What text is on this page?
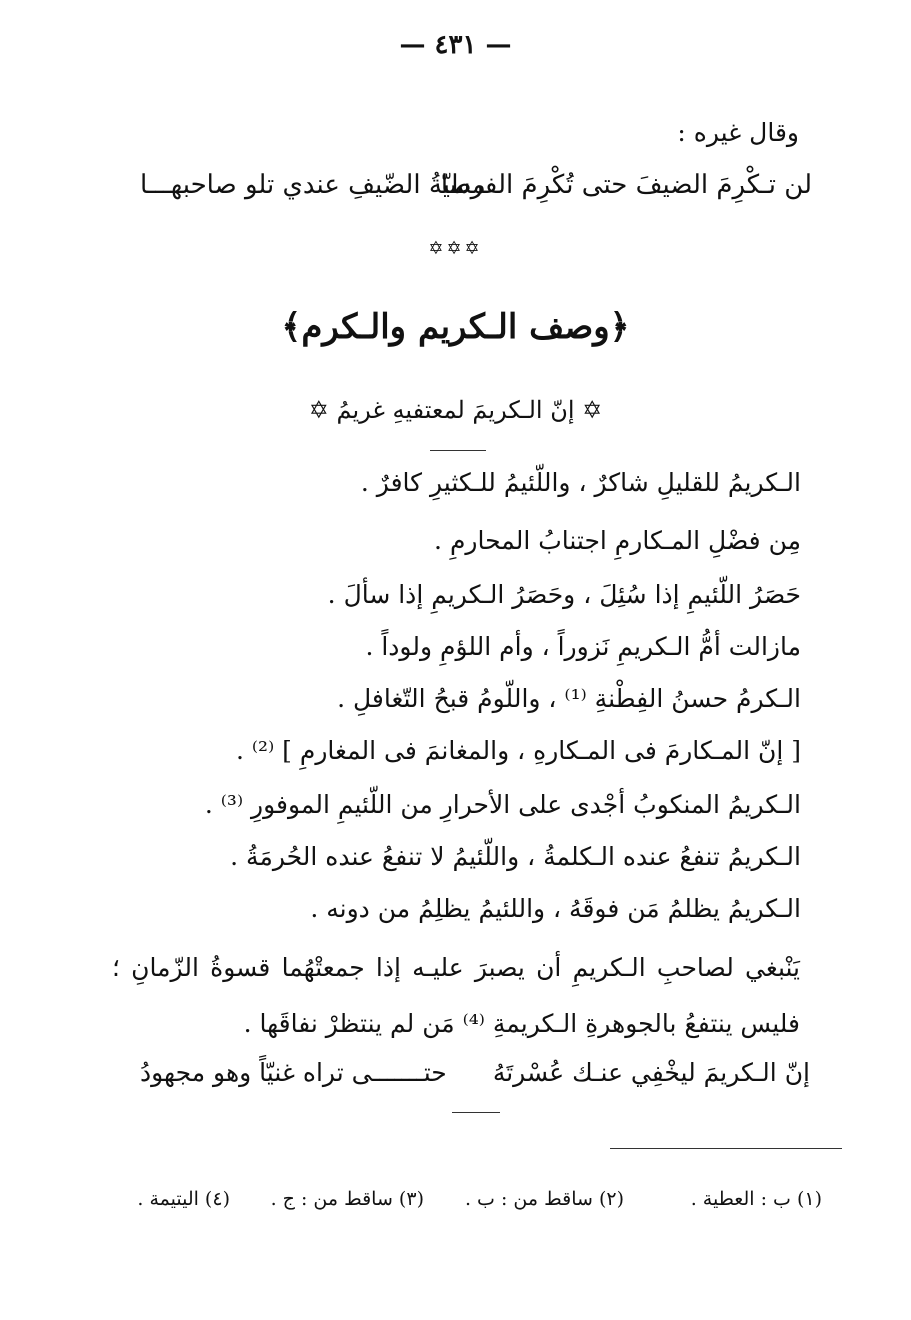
— ٤٣١ —
وقال غيره :
لن تـكْرِمَ الضيفَ حتى تُكْرِمَ الفرسا
مطيّةُ الضّيفِ عندي تلو صاحبهـــا
✡✡✡
﴿وصف الـكريم والـكرم﴾
✡ إنّ الـكريمَ لمعتفيهِ غريمُ ✡
الـكريمُ للقليلِ شاكرٌ ، واللّئيمُ للـكثيرِ كافرٌ .
مِن فضْلِ المـكارمِ اجتنابُ المحارمِ .
حَصَرُ اللّئيمِ إذا سُئِلَ ، وحَصَرُ الـكريمِ إذا سألَ .
مازالت أمُّ الـكريمِ نَزوراً ، وأم اللؤمِ ولوداً .
الـكرمُ حسنُ الفِطْنةِ ⁽¹⁾ ، واللّومُ قبحُ التّغافلِ .
[ إنّ المـكارمَ فى المـكارهِ ، والمغانمَ فى المغارمِ ] ⁽²⁾ .
الـكريمُ المنكوبُ أجْدى على الأحرارِ من اللّئيمِ الموفورِ ⁽³⁾ .
الـكريمُ تنفعُ عنده الـكلمةُ ، واللّئيمُ لا تنفعُ عنده الحُرمَةُ .
الـكريمُ يظلمُ مَن فوقَهُ ، واللئيمُ يظلِمُ من دونه .
يَنْبغي لصاحبِ الـكريمِ أن يصبرَ عليـه إذا جمعتْهُما قسوةُ الزّمانِ ؛ فليس ينتفعُ بالجوهرةِ الـكريمةِ ⁽⁴⁾ مَن لم ينتظرْ نفاقَها .
إنّ الـكريمَ ليخْفِي عنـك عُسْرتَهُ
حتـــــــى تراه غنيّاً وهو مجهودُ
(١) ب : العطية .
(٢) ساقط من : ب .
(٣) ساقط من : ج .
(٤) اليتيمة .
